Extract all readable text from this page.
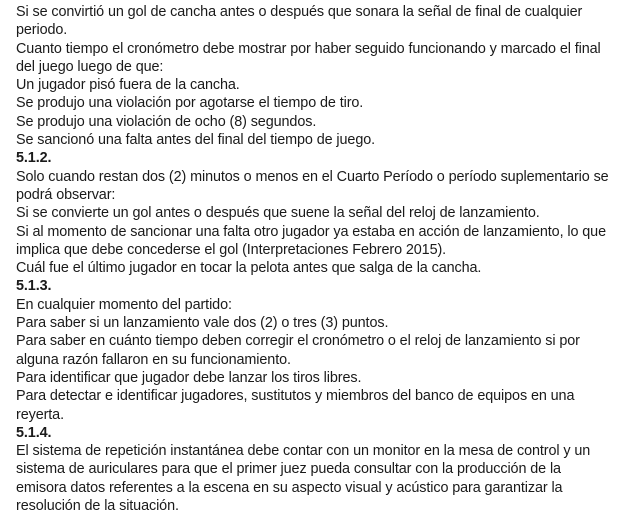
Si se convirtió un gol de cancha antes o después que sonara la señal de final de cualquier
periodo.
Cuanto tiempo el cronómetro debe mostrar por haber seguido funcionando y marcado el final
del juego luego de que:
Un jugador pisó fuera de la cancha.
Se produjo una violación por agotarse el tiempo de tiro.
Se produjo una violación de ocho (8) segundos.
Se sancionó una falta antes del final del tiempo de juego.
5.1.2.
Solo cuando restan dos (2) minutos o menos en el Cuarto Período o período suplementario se
podrá observar:
Si se convierte un gol antes o después que suene la señal del reloj de lanzamiento.
Si al momento de sancionar una falta otro jugador ya estaba en acción de lanzamiento, lo que
implica que debe concederse el gol (Interpretaciones Febrero 2015).
Cuál fue el último jugador en tocar la pelota antes que salga de la cancha.
5.1.3.
En cualquier momento del partido:
Para saber si un lanzamiento vale dos (2) o tres (3) puntos.
Para saber en cuánto tiempo deben corregir el cronómetro o el reloj de lanzamiento si por
alguna razón fallaron en su funcionamiento.
Para identificar que jugador debe lanzar los tiros libres.
Para detectar e identificar jugadores, sustitutos y miembros del banco de equipos en una
reyerta.
5.1.4.
El sistema de repetición instantánea debe contar con un monitor en la mesa de control y un
sistema de auriculares para que el primer juez pueda consultar con la producción de la
emisora datos referentes a la escena en su aspecto visual y acústico para garantizar la
resolución de la situación.
